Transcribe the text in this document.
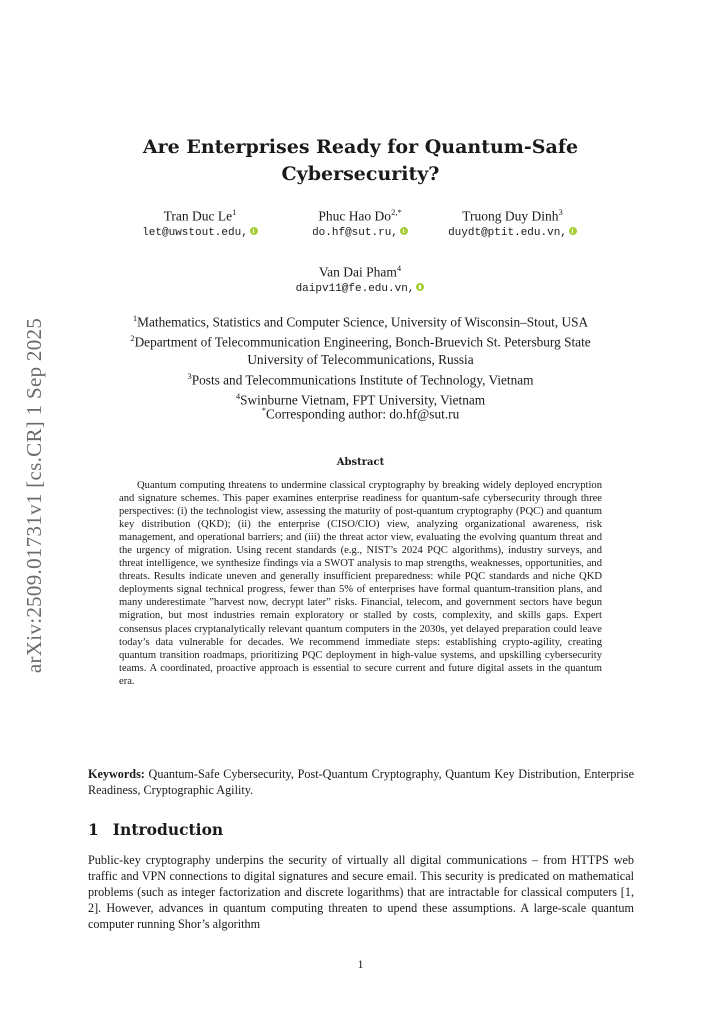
arXiv:2509.01731v1 [cs.CR] 1 Sep 2025
Are Enterprises Ready for Quantum-Safe Cybersecurity?
Tran Duc Le$^1$
let@uwstout.edu,
Phuc Hao $Do^{2,*}$
do.hf@sut.ru,
Truong Duy Dinh$^3$
duydt@ptit.edu.vn,
Van Dai Pham$^4$
daipv11@fe.edu.vn,
$^1$Mathematics, Statistics and Computer Science, University of Wisconsin–Stout, USA
$^2$Department of Telecommunication Engineering, Bonch-Bruevich St. Petersburg State
University of Telecommunications, Russia
$^3$Posts and Telecommunications Institute of Technology, Vietnam
$^4$Swinburne Vietnam, FPT University, Vietnam
*Corresponding author: do.hf@sut.ru
Abstract

Quantum computing threatens to undermine classical cryptography by breaking widely deployed encryption and signature schemes. This paper examines enterprise readiness for quantum-safe cybersecurity through three perspectives: (i) the technologist view, assessing the maturity of post-quantum cryptography (PQC) and quantum key distribution (QKD); (ii) the enterprise (CISO/CIO) view, analyzing organizational awareness, risk management, and operational barriers; and (iii) the threat actor view, evaluating the evolving quantum threat and the urgency of migration. Using recent standards (e.g., NIST’s 2024 PQC algorithms), industry surveys, and threat intelligence, we synthesize findings via a SWOT analysis to map strengths, weaknesses, opportunities, and threats. Results indicate uneven and generally insufficient preparedness: while PQC standards and niche QKD deployments signal technical progress, fewer than 5% of enterprises have formal quantum-transition plans, and many underestimate ”harvest now, decrypt later” risks. Financial, telecom, and government sectors have begun migration, but most industries remain exploratory or stalled by costs, complexity, and skills gaps. Expert consensus places cryptanalytically relevant quantum computers in the 2030s, yet delayed preparation could leave today’s data vulnerable for decades. We recommend immediate steps: establishing crypto-agility, creating quantum transition roadmaps, prioritizing PQC deployment in high-value systems, and upskilling cybersecurity teams. A coordinated, proactive approach is essential to secure current and future digital assets in the quantum era.

Keywords: Quantum-Safe Cybersecurity, Post-Quantum Cryptography, Quantum Key Distribution, Enterprise Readiness, Cryptographic Agility.

1 Introduction

Public-key cryptography underpins the security of virtually all digital communications – from HTTPS web traffic and VPN connections to digital signatures and secure email. This security is predicated on mathematical problems (such as integer factorization and discrete logarithms) that are intractable for classical computers [1, 2]. However, advances in quantum computing threaten to upend these assumptions. A large-scale quantum computer running Shor’s algorithm

1
